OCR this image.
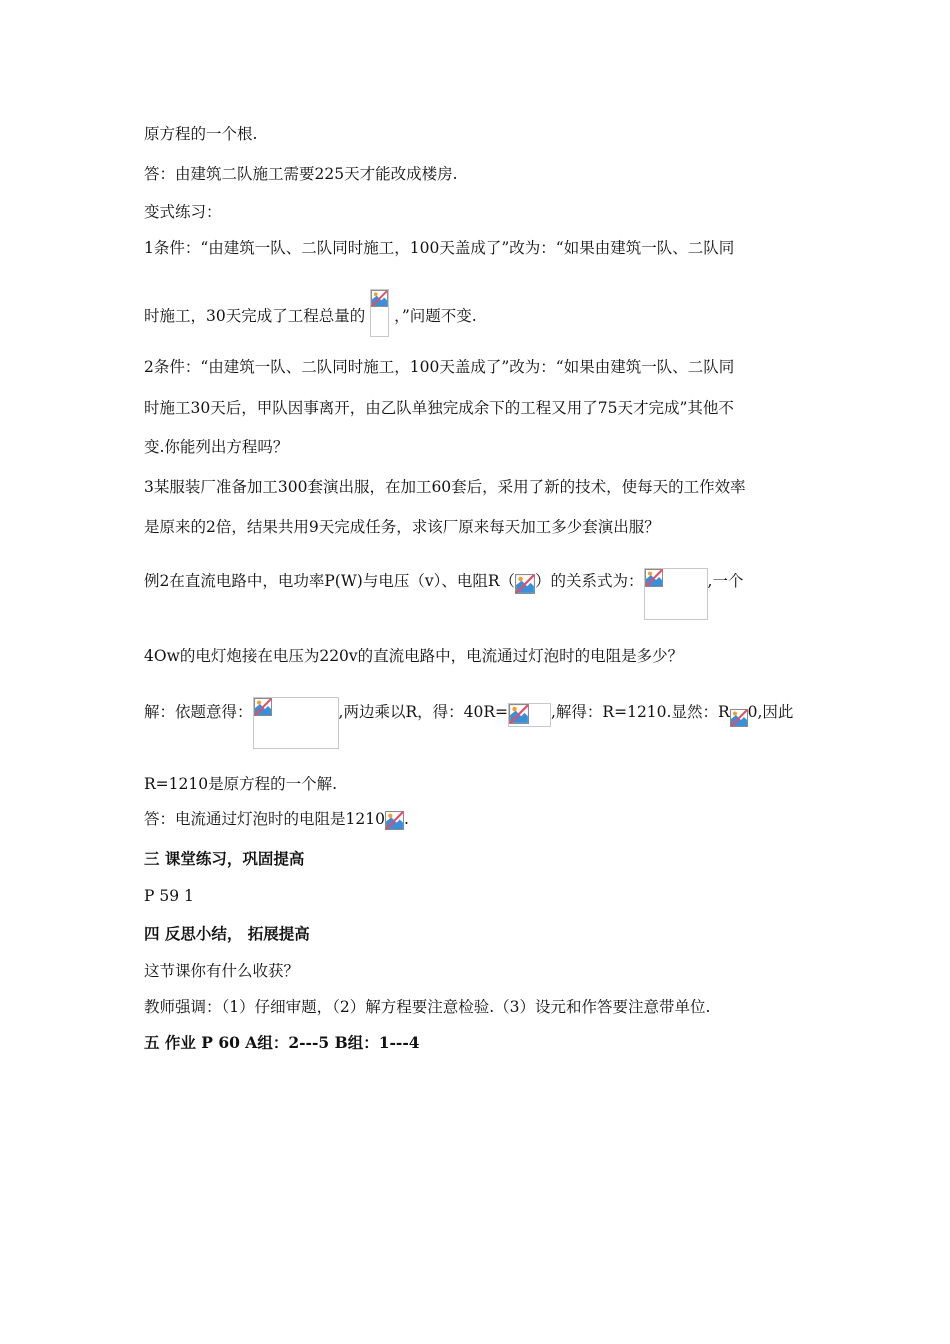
原方程的一个根.
答：由建筑二队施工需要225天才能改成楼房.
变式练习：
1条件：“由建筑一队、二队同时施工，100天盖成了”改为：“如果由建筑一队、二队同
时施工，30天完成了工程总量的 ，”问题不变.
2条件：“由建筑一队、二队同时施工，100天盖成了”改为：“如果由建筑一队、二队同
时施工30天后，甲队因事离开，由乙队单独完成余下的工程又用了75天才完成”其他不
变.你能列出方程吗？
3某服装厂准备加工300套演出服，在加工60套后，采用了新的技术，使每天的工作效率
是原来的2倍，结果共用9天完成任务，求该厂原来每天加工多少套演出服？
例2在直流电路中，电功率P(W)与电压（v）、电阻R（ ）的关系式为：	,一个
4Ow的电灯炮接在电压为220v的直流电路中，电流通过灯泡时的电阻是多少？
解：依题意得：	,两边乘以R，得：40R=	,解得：R=1210.显然：R 0,因此
R=1210是原方程的一个解.
答：电流通过灯泡时的电阻是1210 .
三 课堂练习，巩固提高
P 59 1
四 反思小结， 拓展提高
这节课你有什么收获？
教师强调：（1）仔细审题，（2）解方程要注意检验.（3）设元和作答要注意带单位.
五 作业 P 60 A组：2---5 B组：1---4
